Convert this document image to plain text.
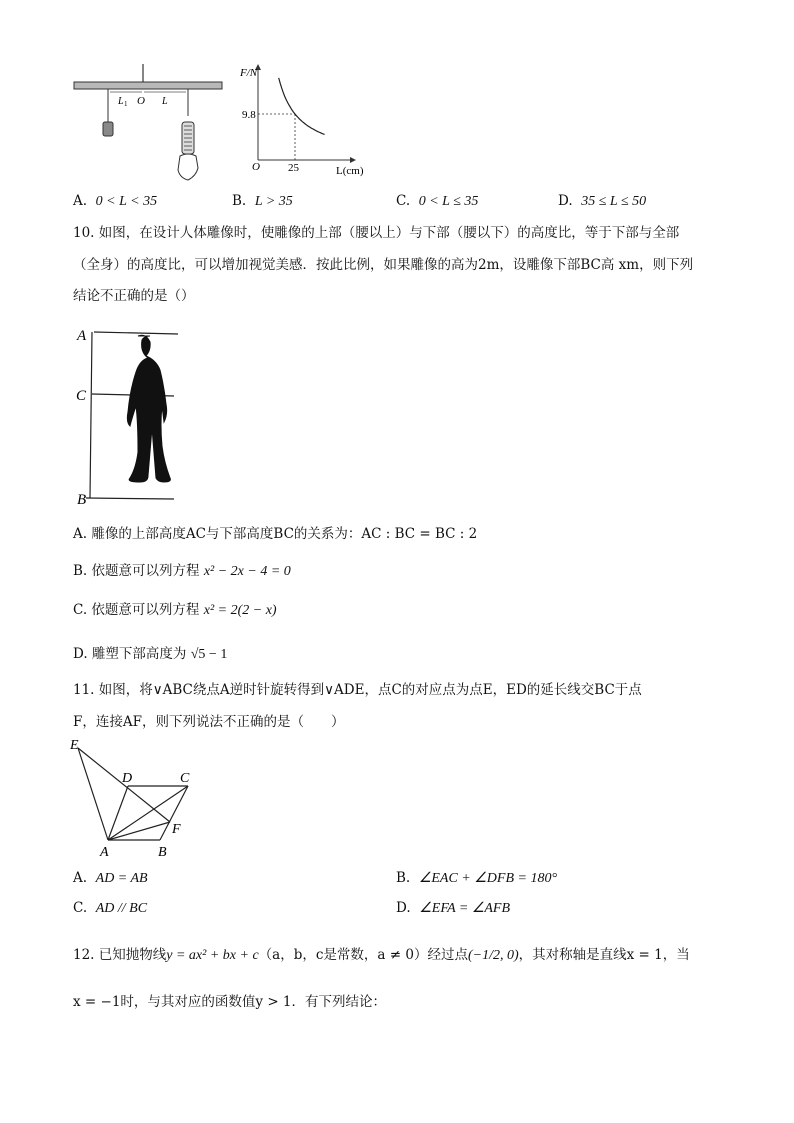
L 1 O L
F/N
L(cm)
9.8
25
O
A. 0 < L < 35	B. L > 35	C. 0 < L ≤ 35	D. 35 ≤ L ≤ 50
10. 如图，在设计人体雕像时，使雕像的上部（腰以上）与下部（腰以下）的高度比，等于下部与全部
（全身）的高度比，可以增加视觉美感．按此比例，如果雕像的高为2m，设雕像下部BC高 xm，则下列
结论不正确的是（）
A
C
B
A. 雕像的上部高度AC与下部高度BC的关系为：AC : BC = BC : 2
B. 依题意可以列方程 x² − 2x − 4 = 0
C. 依题意可以列方程 x² = 2(2 − x)
D. 雕塑下部高度为 √5 − 1
11. 如图，将∨ABC绕点A逆时针旋转得到∨ADE，点C的对应点为点E，ED的延长线交BC于点
F，连接AF，则下列说法不正确的是（　　）
E
D	C
F
A	B
A. AD = AB	B. ∠EAC + ∠DFB = 180°
C. AD // BC	D. ∠EFA = ∠AFB
12. 已知抛物线y = ax² + bx + c（a，b，c是常数，a ≠ 0）经过点(−1/2, 0)，其对称轴是直线x = 1，当
x = −1时，与其对应的函数值y > 1．有下列结论：
